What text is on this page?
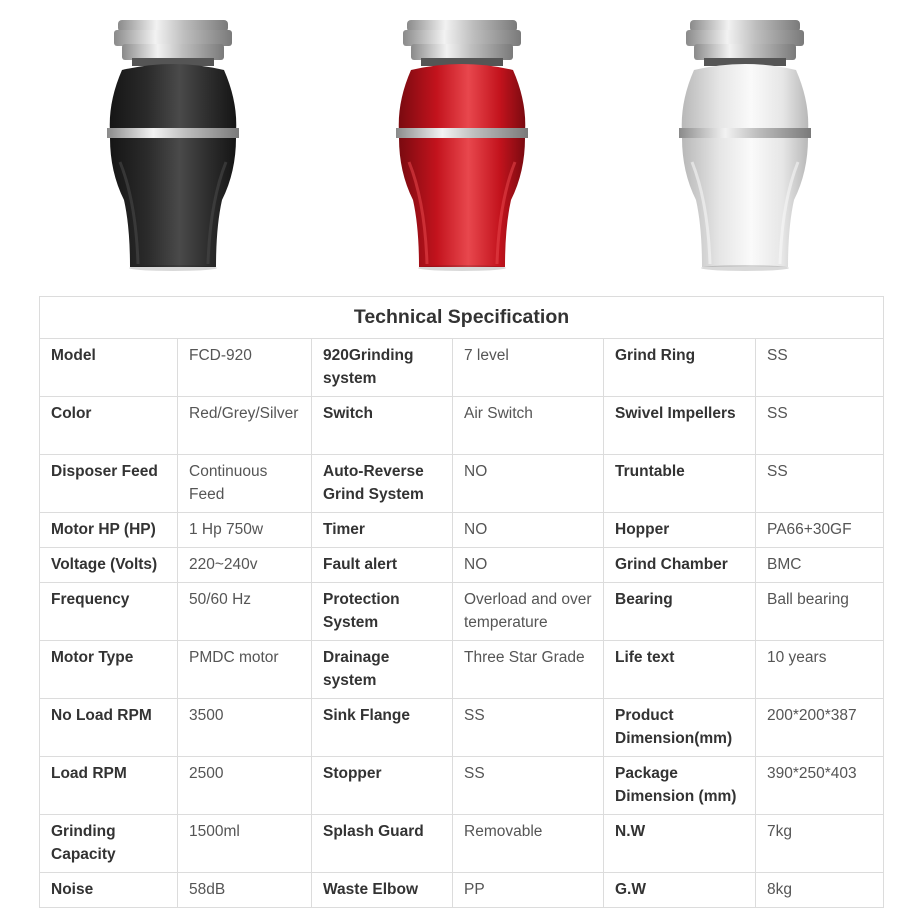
Technical Specification					
Model	FCD-920	920Grinding system	7 level	Grind Ring	SS
Color	Red/Grey/Silver	Switch	Air Switch	Swivel Impellers	SS
Disposer Feed	Continuous Feed	Auto-Reverse Grind System	NO	Truntable	SS
Motor HP (HP)	1 Hp 750w	Timer	NO	Hopper	PA66+30GF
Voltage (Volts)	220~240v	Fault alert	NO	Grind Chamber	BMC
Frequency	50/60 Hz	Protection System	Overload and over temperature	Bearing	Ball bearing
Motor Type	PMDC motor	Drainage system	Three Star Grade	Life text	10 years
No Load RPM	3500	Sink Flange	SS	Product Dimension(mm)	200*200*387
Load RPM	2500	Stopper	SS	Package Dimension (mm)	390*250*403
Grinding Capacity	1500ml	Splash Guard	Removable	N.W	7kg
Noise	58dB	Waste Elbow	PP	G.W	8kg
